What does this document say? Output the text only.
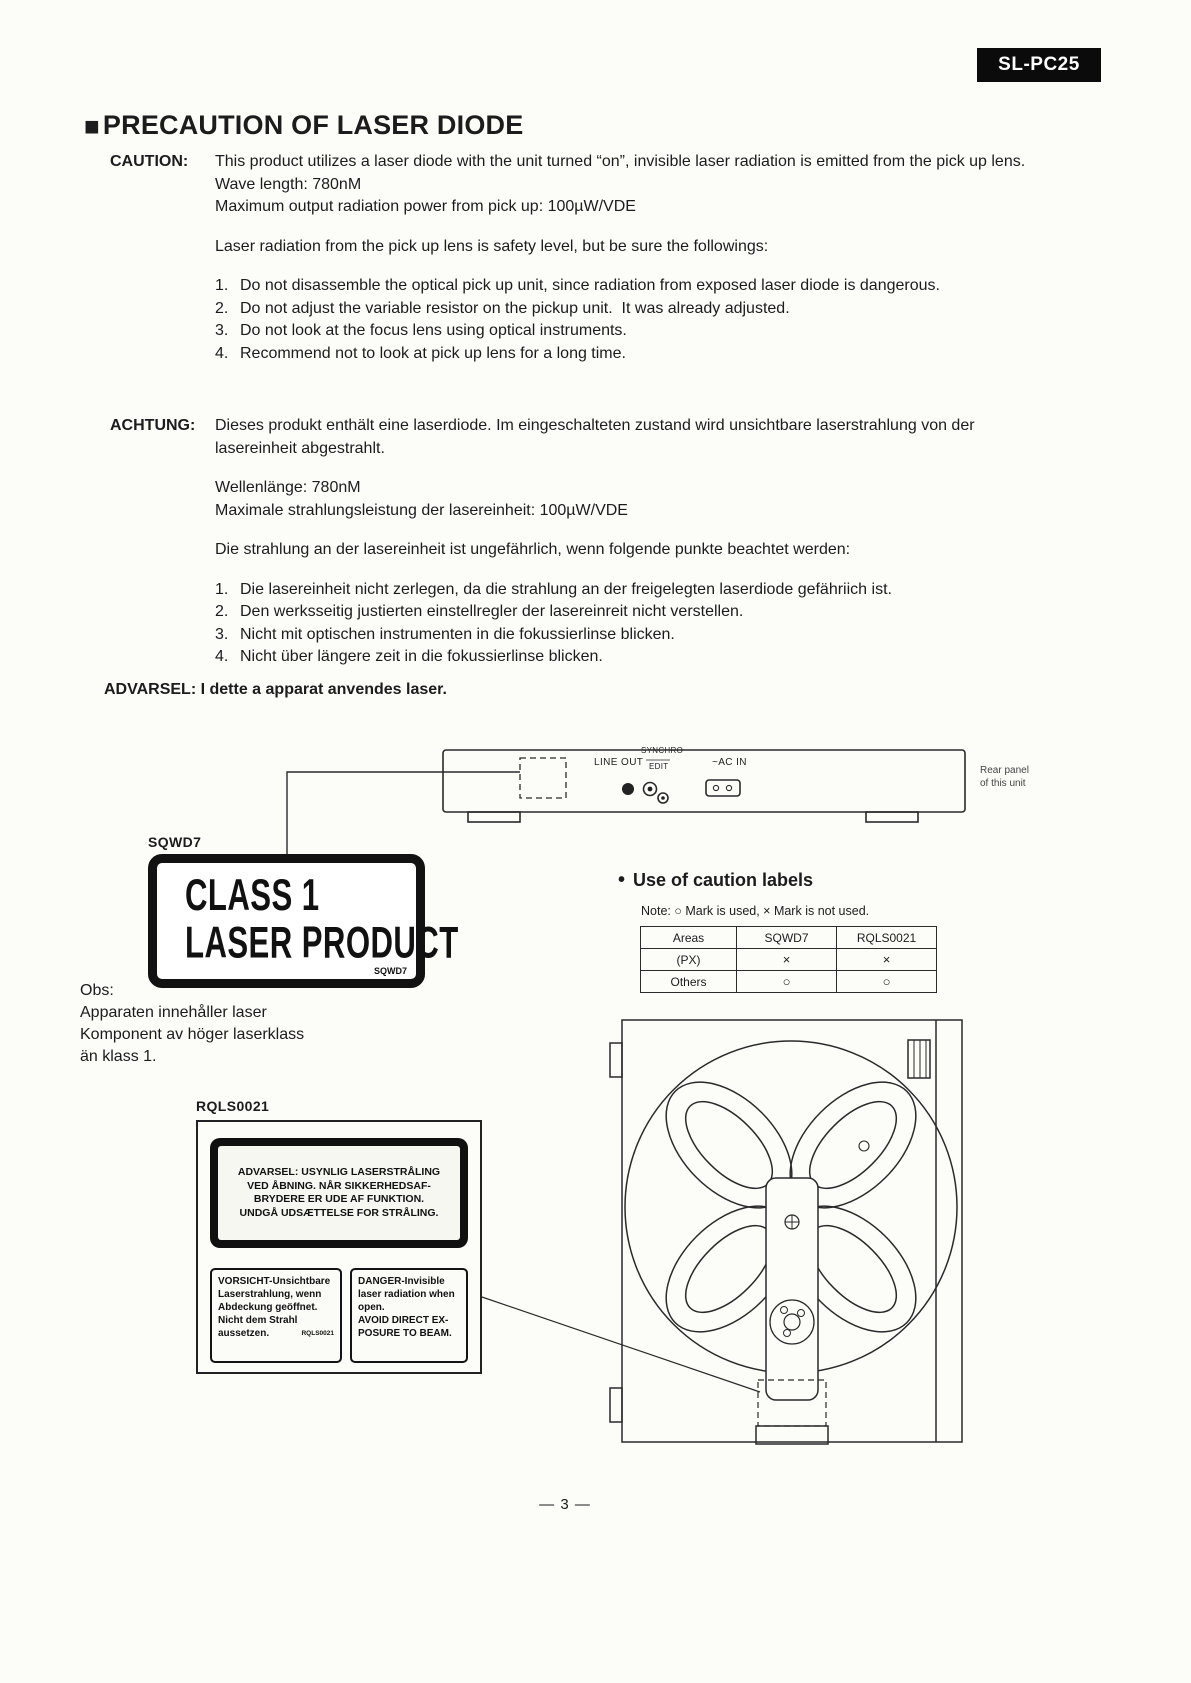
SL-PC25
■ PRECAUTION OF LASER DIODE
CAUTION:	This product utilizes a laser diode with the unit turned “on”, invisible laser radiation is emitted from the pick up lens.

Wave length: 780nM

Maximum output radiation power from pick up: 100µW/VDE

Laser radiation from the pick up lens is safety level, but be sure the followings:

1. Do not disassemble the optical pick up unit, since radiation from exposed laser diode is dangerous.
2. Do not adjust the variable resistor on the pickup unit.  It was already adjusted.
3. Do not look at the focus lens using optical instruments.
4. Recommend not to look at pick up lens for a long time.
ACHTUNG:	Dieses produkt enthält eine laserdiode. Im eingeschalteten zustand wird unsichtbare laserstrahlung von der lasereinheit abgestrahlt.

Wellenlänge: 780nM

Maximale strahlungsleistung der lasereinheit: 100µW/VDE

Die strahlung an der lasereinheit ist ungefährlich, wenn folgende punkte beachtet werden:

1. Die lasereinheit nicht zerlegen, da die strahlung an der freigelegten laserdiode gefähriich ist.
2. Den werksseitig justierten einstellregler der lasereinreit nicht verstellen.
3. Nicht mit optischen instrumenten in die fokussierlinse blicken.
4. Nicht über längere zeit in die fokussierlinse blicken.
ADVARSEL: I dette a apparat anvendes laser.
LINE OUT
SYNCHRO
EDIT	~AC IN
Rear panel
of this unit
SQWD7
CLASS 1
LASER PRODUCT
SQWD7
Obs:
Apparaten innehåller laser
Komponent av höger laserklass
än klass 1.
• Use of caution labels
Note: ○ Mark is used, × Mark is not used.
Areas	SQWD7	RQLS0021
(PX)	×	×
Others	○	○
RQLS0021
ADVARSEL: USYNLIG LASERSTRÅLING
VED ÅBNING. NÅR SIKKERHEDSAF-
BRYDERE ER UDE AF FUNKTION.
UNDGÅ UDSÆTTELSE FOR STRÅLING.
VORSICHT-Unsichtbare
Laserstrahlung, wenn
Abdeckung geöffnet.
Nicht dem Strahl
aussetzen.	RQLS0021
DANGER-Invisible
laser radiation when
open.
AVOID DIRECT EX-
POSURE TO BEAM.
— 3 —
